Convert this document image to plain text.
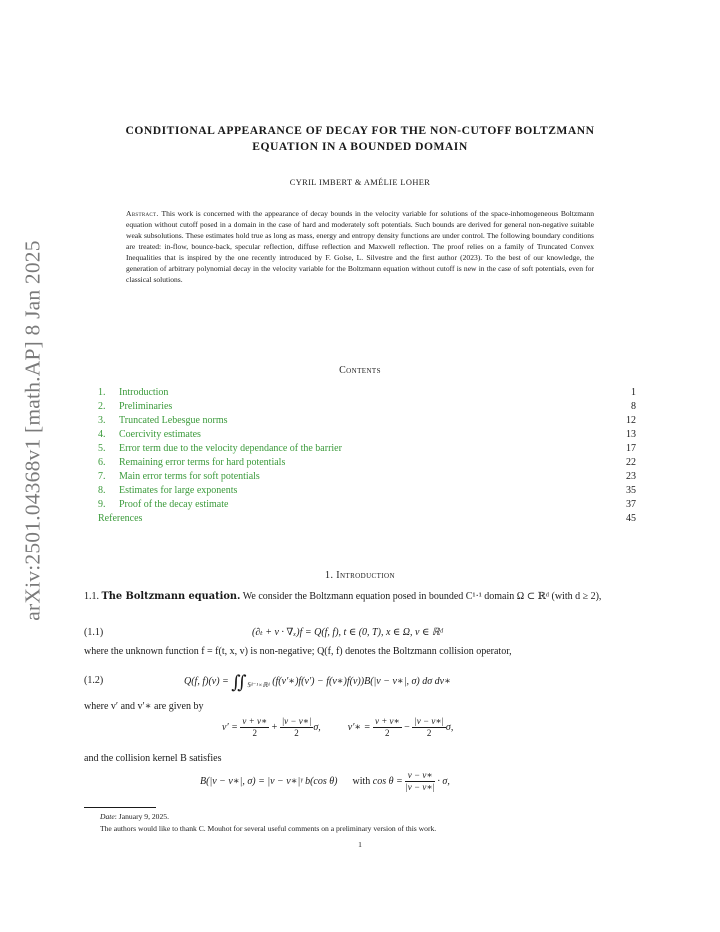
arXiv:2501.04368v1 [math.AP] 8 Jan 2025
CONDITIONAL APPEARANCE OF DECAY FOR THE NON-CUTOFF BOLTZMANN
EQUATION IN A BOUNDED DOMAIN
CYRIL IMBERT & AMÉLIE LOHER
Abstract. This work is concerned with the appearance of decay bounds in the velocity variable for solutions of the space-inhomogeneous Boltzmann equation without cutoff posed in a domain in the case of hard and moderately soft potentials. Such bounds are derived for general non-negative suitable weak subsolutions. These estimates hold true as long as mass, energy and entropy density functions are under control. The following boundary conditions are treated: in-flow, bounce-back, specular reflection, diffuse reflection and Maxwell reflection. The proof relies on a family of Truncated Convex Inequalities that is inspired by the one recently introduced by F. Golse, L. Silvestre and the first author (2023). To the best of our knowledge, the generation of arbitrary polynomial decay in the velocity variable for the Boltzmann equation without cutoff is new in the case of soft potentials, even for classical solutions.
Contents
1.	Introduction	1
2.	Preliminaries	8
3.	Truncated Lebesgue norms	12
4.	Coercivity estimates	13
5.	Error term due to the velocity dependance of the barrier	17
6.	Remaining error terms for hard potentials	22
7.	Main error terms for soft potentials	23
8.	Estimates for large exponents	35
9.	Proof of the decay estimate	37
References	45
1. Introduction
1.1. The Boltzmann equation. We consider the Boltzmann equation posed in bounded C¹·¹ domain Ω ⊂ ℝᵈ (with d ≥ 2),
(1.1)	(∂ₜ + v · ∇ₓ)f = Q(f, f), t ∈ (0, T), x ∈ Ω, v ∈ ℝᵈ
where the unknown function f = f(t, x, v) is non-negative; Q(f, f) denotes the Boltzmann collision operator,
(1.2)	Q(f, $f)(v) = ∬_{𝕊ᵈ^{-1}\times ℝᵈ}$ (f(v′∗)f(v′) − f(v∗)f(v))B(|v − v∗|, σ) dσ dv∗
where v′ and v′∗ are given by
$v' = \frac{v + v∗}{2} + \frac{|v - v∗|}{2} \sigma$,	v′∗ = $\frac{v + v∗}{2} - \frac{|v - v∗|}{2} \sigma$,
and the collision kernel B satisfies
B(|v − v∗|, σ) = |v − v∗|ᵞ b(cos θ) with $\cos \theta = \frac{v - v∗}{|v - v∗|} \cdot \sigma$,
Date: January 9, 2025.
The authors would like to thank C. Mouhot for several useful comments on a preliminary version of this work.
1
